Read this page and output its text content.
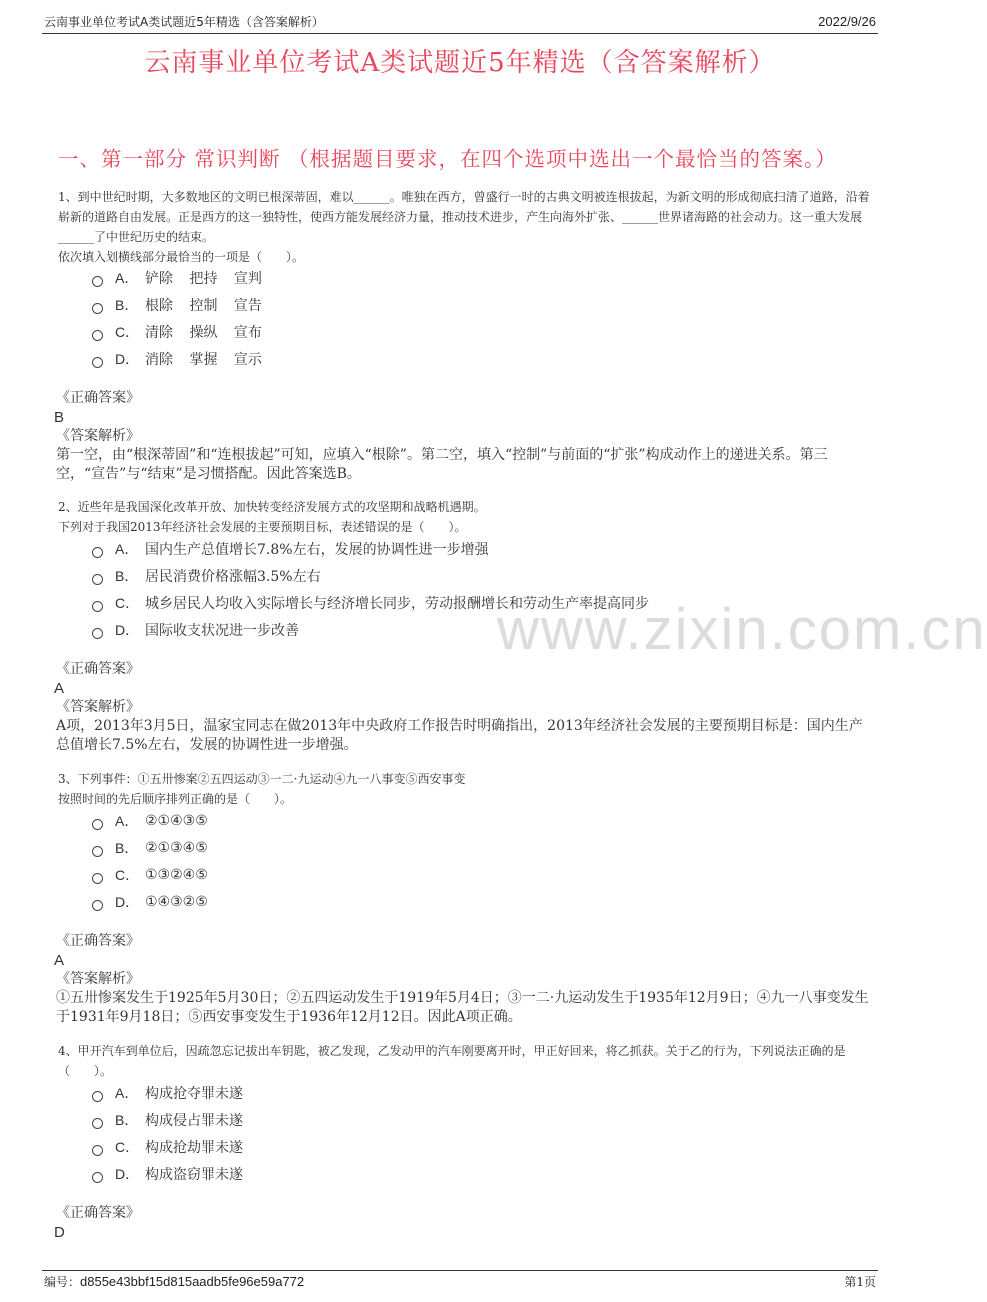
云南事业单位考试A类试题近5年精选（含答案解析）	2022/9/26
云南事业单位考试A类试题近5年精选（含答案解析）
一、第一部分 常识判断 （根据题目要求，在四个选项中选出一个最恰当的答案。）

1、到中世纪时期，大多数地区的文明已根深蒂固，难以______。唯独在西方，曾盛行一时的古典文明被连根拔起，为新文明的形成彻底扫清了道路，沿着崭新的道路自由发展。正是西方的这一独特性，使西方能发展经济力量，推动技术进步，产生向海外扩张、______世界诸海路的社会动力。这一重大发展______了中世纪历史的结束。

依次填入划横线部分最恰当的一项是（　　）。

A． 铲除 把持 宣判
B． 根除 控制 宣告
C． 清除 操纵 宣布
D． 消除 掌握 宣示
《正确答案》
B
《答案解析》
第一空，由“根深蒂固”和“连根拔起”可知，应填入“根除”。第二空，填入“控制”与前面的“扩张”构成动作上的递进关系。第三空，“宣告”与“结束”是习惯搭配。因此答案选B。

2、近些年是我国深化改革开放、加快转变经济发展方式的攻坚期和战略机遇期。

下列对于我国2013年经济社会发展的主要预期目标，表述错误的是（　　）。

A． 国内生产总值增长7.8%左右，发展的协调性进一步增强
B． 居民消费价格涨幅3.5%左右
C． 城乡居民人均收入实际增长与经济增长同步，劳动报酬增长和劳动生产率提高同步
D． 国际收支状况进一步改善
《正确答案》
A
《答案解析》
A项，2013年3月5日，温家宝同志在做2013年中央政府工作报告时明确指出，2013年经济社会发展的主要预期目标是：国内生产总值增长7.5%左右，发展的协调性进一步增强。

3、下列事件：①五卅惨案②五四运动③一二·九运动④九一八事变⑤西安事变

按照时间的先后顺序排列正确的是（　　）。

A． ②①④③⑤
B． ②①③④⑤
C． ①③②④⑤
D． ①④③②⑤
《正确答案》
A
《答案解析》
①五卅惨案发生于1925年5月30日；②五四运动发生于1919年5月4日；③一二·九运动发生于1935年12月9日；④九一八事变发生于1931年9月18日；⑤西安事变发生于1936年12月12日。因此A项正确。

4、甲开汽车到单位后，因疏忽忘记拔出车钥匙，被乙发现，乙发动甲的汽车刚要离开时，甲正好回来，将乙抓获。关于乙的行为，下列说法正确的是（　　）。

A． 构成抢夺罪未遂
B． 构成侵占罪未遂
C． 构成抢劫罪未遂
D． 构成盗窃罪未遂
《正确答案》
D
www.zixin.com.cn
编号：d855e43bbf15d815aadb5fe96e59a772	第1页
